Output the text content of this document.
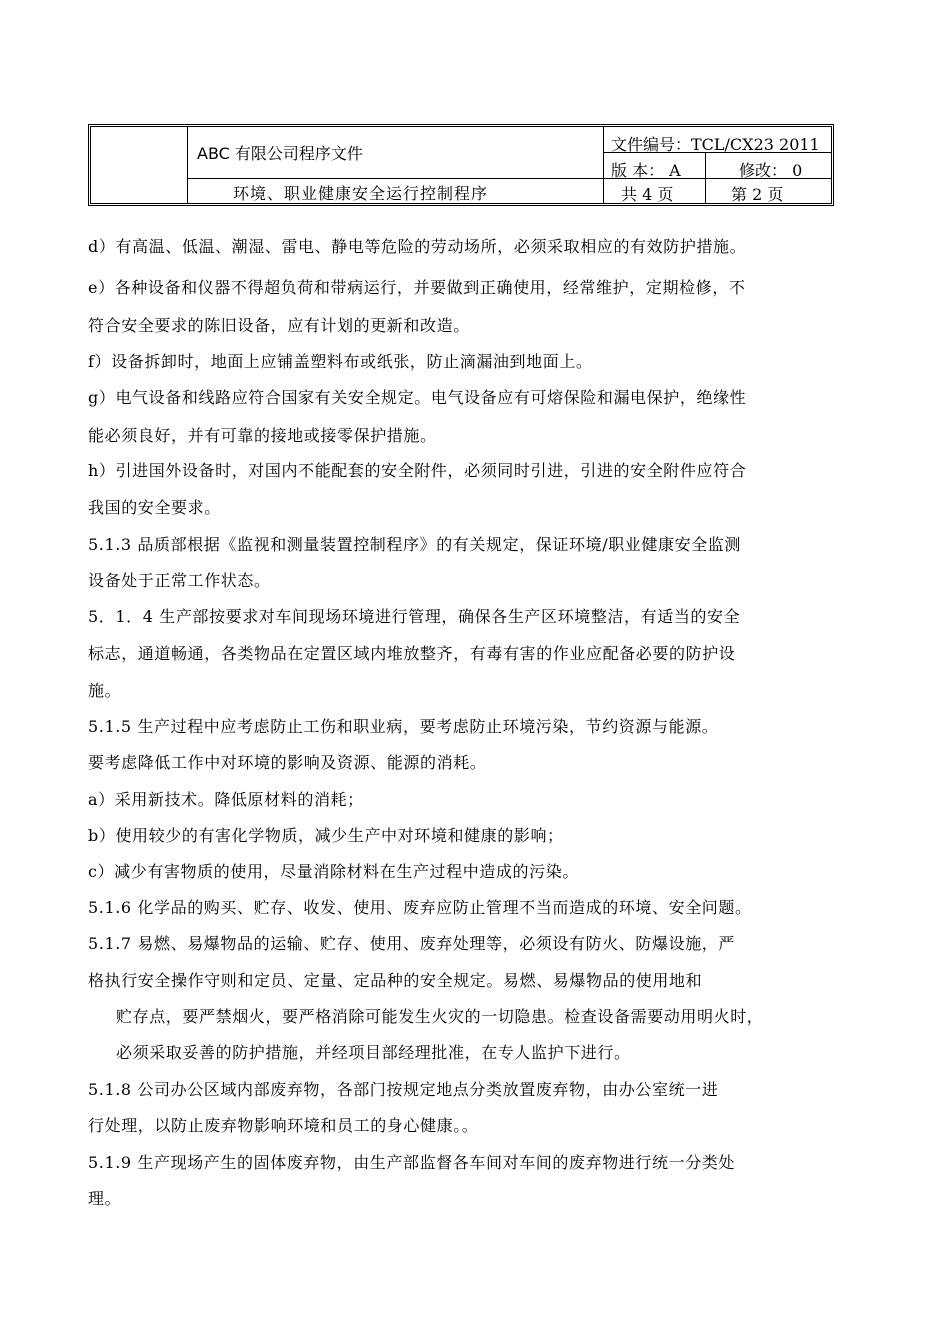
ABC 有限公司程序文件
环境、职业健康安全运行控制程序
文件编号：TCL/CX23 2011
版 本： A	修改： 0
共 4 页	第 2 页
d）有高温、低温、潮湿、雷电、静电等危险的劳动场所，必须采取相应的有效防护措施。
e）各种设备和仪器不得超负荷和带病运行，并要做到正确使用，经常维护，定期检修，不
符合安全要求的陈旧设备，应有计划的更新和改造。
f）设备拆卸时，地面上应铺盖塑料布或纸张，防止滴漏油到地面上。
g）电气设备和线路应符合国家有关安全规定。电气设备应有可熔保险和漏电保护，绝缘性
能必须良好，并有可靠的接地或接零保护措施。
h）引进国外设备时，对国内不能配套的安全附件，必须同时引进，引进的安全附件应符合
我国的安全要求。
5.1.3 品质部根据《监视和测量装置控制程序》的有关规定，保证环境/职业健康安全监测
设备处于正常工作状态。
5．1．4 生产部按要求对车间现场环境进行管理，确保各生产区环境整洁，有适当的安全
标志，通道畅通，各类物品在定置区域内堆放整齐，有毒有害的作业应配备必要的防护设
施。
5.1.5 生产过程中应考虑防止工伤和职业病，要考虑防止环境污染，节约资源与能源。
要考虑降低工作中对环境的影响及资源、能源的消耗。
a）采用新技术。降低原材料的消耗；
b）使用较少的有害化学物质，减少生产中对环境和健康的影响；
c）减少有害物质的使用，尽量消除材料在生产过程中造成的污染。
5.1.6 化学品的购买、贮存、收发、使用、废弃应防止管理不当而造成的环境、安全问题。
5.1.7 易燃、易爆物品的运输、贮存、使用、废弃处理等，必须设有防火、防爆设施，严
格执行安全操作守则和定员、定量、定品种的安全规定。易燃、易爆物品的使用地和
贮存点，要严禁烟火，要严格消除可能发生火灾的一切隐患。检查设备需要动用明火时，
必须采取妥善的防护措施，并经项目部经理批准，在专人监护下进行。
5.1.8 公司办公区域内部废弃物，各部门按规定地点分类放置废弃物，由办公室统一进
行处理，以防止废弃物影响环境和员工的身心健康。。
5.1.9 生产现场产生的固体废弃物，由生产部监督各车间对车间的废弃物进行统一分类处
理。
